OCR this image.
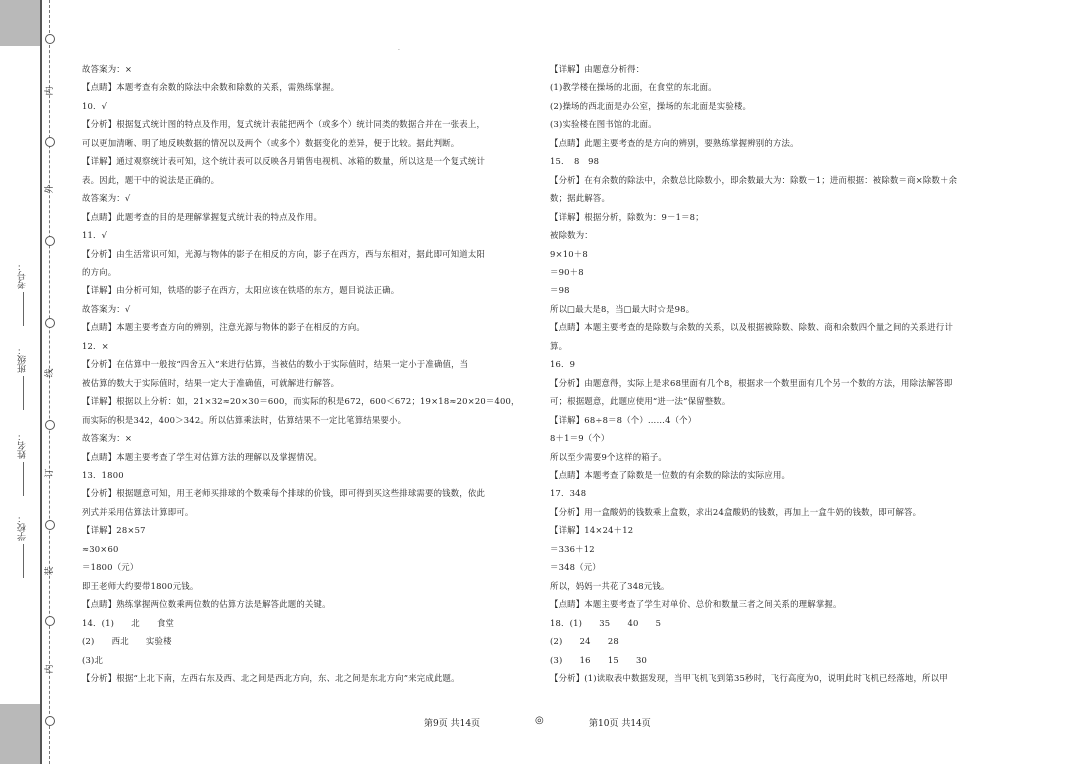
内
外
线
订
装
内
考号：
班级：
姓名：
学校：
·
故答案为：×
【点睛】本题考查有余数的除法中余数和除数的关系，需熟练掌握。
10．√
【分析】根据复式统计图的特点及作用，复式统计表能把两个（或多个）统计同类的数据合并在一张表上，
可以更加清晰、明了地反映数据的情况以及两个（或多个）数据变化的差异，便于比较。据此判断。
【详解】通过观察统计表可知，这个统计表可以反映各月销售电视机、冰箱的数量，所以这是一个复式统计
表。因此，题干中的说法是正确的。
故答案为：√
【点睛】此题考查的目的是理解掌握复式统计表的特点及作用。
11．√
【分析】由生活常识可知，光源与物体的影子在相反的方向，影子在西方，西与东相对，据此即可知道太阳
的方向。
【详解】由分析可知，铁塔的影子在西方，太阳应该在铁塔的东方，题目说法正确。
故答案为：√
【点睛】本题主要考查方向的辨别，注意光源与物体的影子在相反的方向。
12．×
【分析】在估算中一般按“四舍五入”来进行估算，当被估的数小于实际值时，结果一定小于准确值，当
被估算的数大于实际值时，结果一定大于准确值，可就解进行解答。
【详解】根据以上分析：如，21×32≈20×30＝600，而实际的积是672，600＜672；19×18≈20×20＝400，
而实际的积是342，400＞342。所以估算乘法时，估算结果不一定比笔算结果要小。
故答案为：×
【点睛】本题主要考查了学生对估算方法的理解以及掌握情况。
13．1800
【分析】根据题意可知，用王老师买排球的个数乘每个排球的价钱，即可得到买这些排球需要的钱数，依此
列式并采用估算法计算即可。
【详解】28×57
≈30×60
＝1800（元）
即王老师大约要带1800元钱。
【点睛】熟练掌握两位数乘两位数的估算方法是解答此题的关键。
14．(1)　　北　　食堂
(2)　　西北　　实验楼
(3)北
【分析】根据“上北下南，左西右东及西、北之间是西北方向，东、北之间是东北方向”来完成此题。
【详解】由题意分析得：
(1)教学楼在操场的北面，在食堂的东北面。
(2)操场的西北面是办公室，操场的东北面是实验楼。
(3)实验楼在图书馆的北面。
【点睛】此题主要考查的是方向的辨别，要熟练掌握辨别的方法。
15．　8　98
【分析】在有余数的除法中，余数总比除数小，即余数最大为：除数－1；进而根据：被除数＝商×除数＋余
数；据此解答。
【详解】根据分析，除数为：9－1＝8；
被除数为：
9×10＋8
＝90＋8
＝98
所以□最大是8，当□最大时☆是98。
【点睛】本题主要考查的是除数与余数的关系，以及根据被除数、除数、商和余数四个量之间的关系进行计
算。
16．9
【分析】由题意得，实际上是求68里面有几个8，根据求一个数里面有几个另一个数的方法，用除法解答即
可；根据题意，此题应使用“进一法”保留整数。
【详解】68÷8＝8（个）……4（个）
8＋1＝9（个）
所以至少需要9个这样的箱子。
【点睛】本题考查了除数是一位数的有余数的除法的实际应用。
17．348
【分析】用一盒酸奶的钱数乘上盒数，求出24盒酸奶的钱数，再加上一盒牛奶的钱数，即可解答。
【详解】14×24＋12
＝336＋12
＝348（元）
所以，妈妈一共花了348元钱。
【点睛】本题主要考查了学生对单价、总价和数量三者之间关系的理解掌握。
18．(1)　　35　　40　　5
(2)　　24　　28
(3)　　16　　15　　30
【分析】(1)读取表中数据发现，当甲飞机飞到第35秒时，飞行高度为0，说明此时飞机已经落地，所以甲
第9页 共14页	◎	第10页 共14页
